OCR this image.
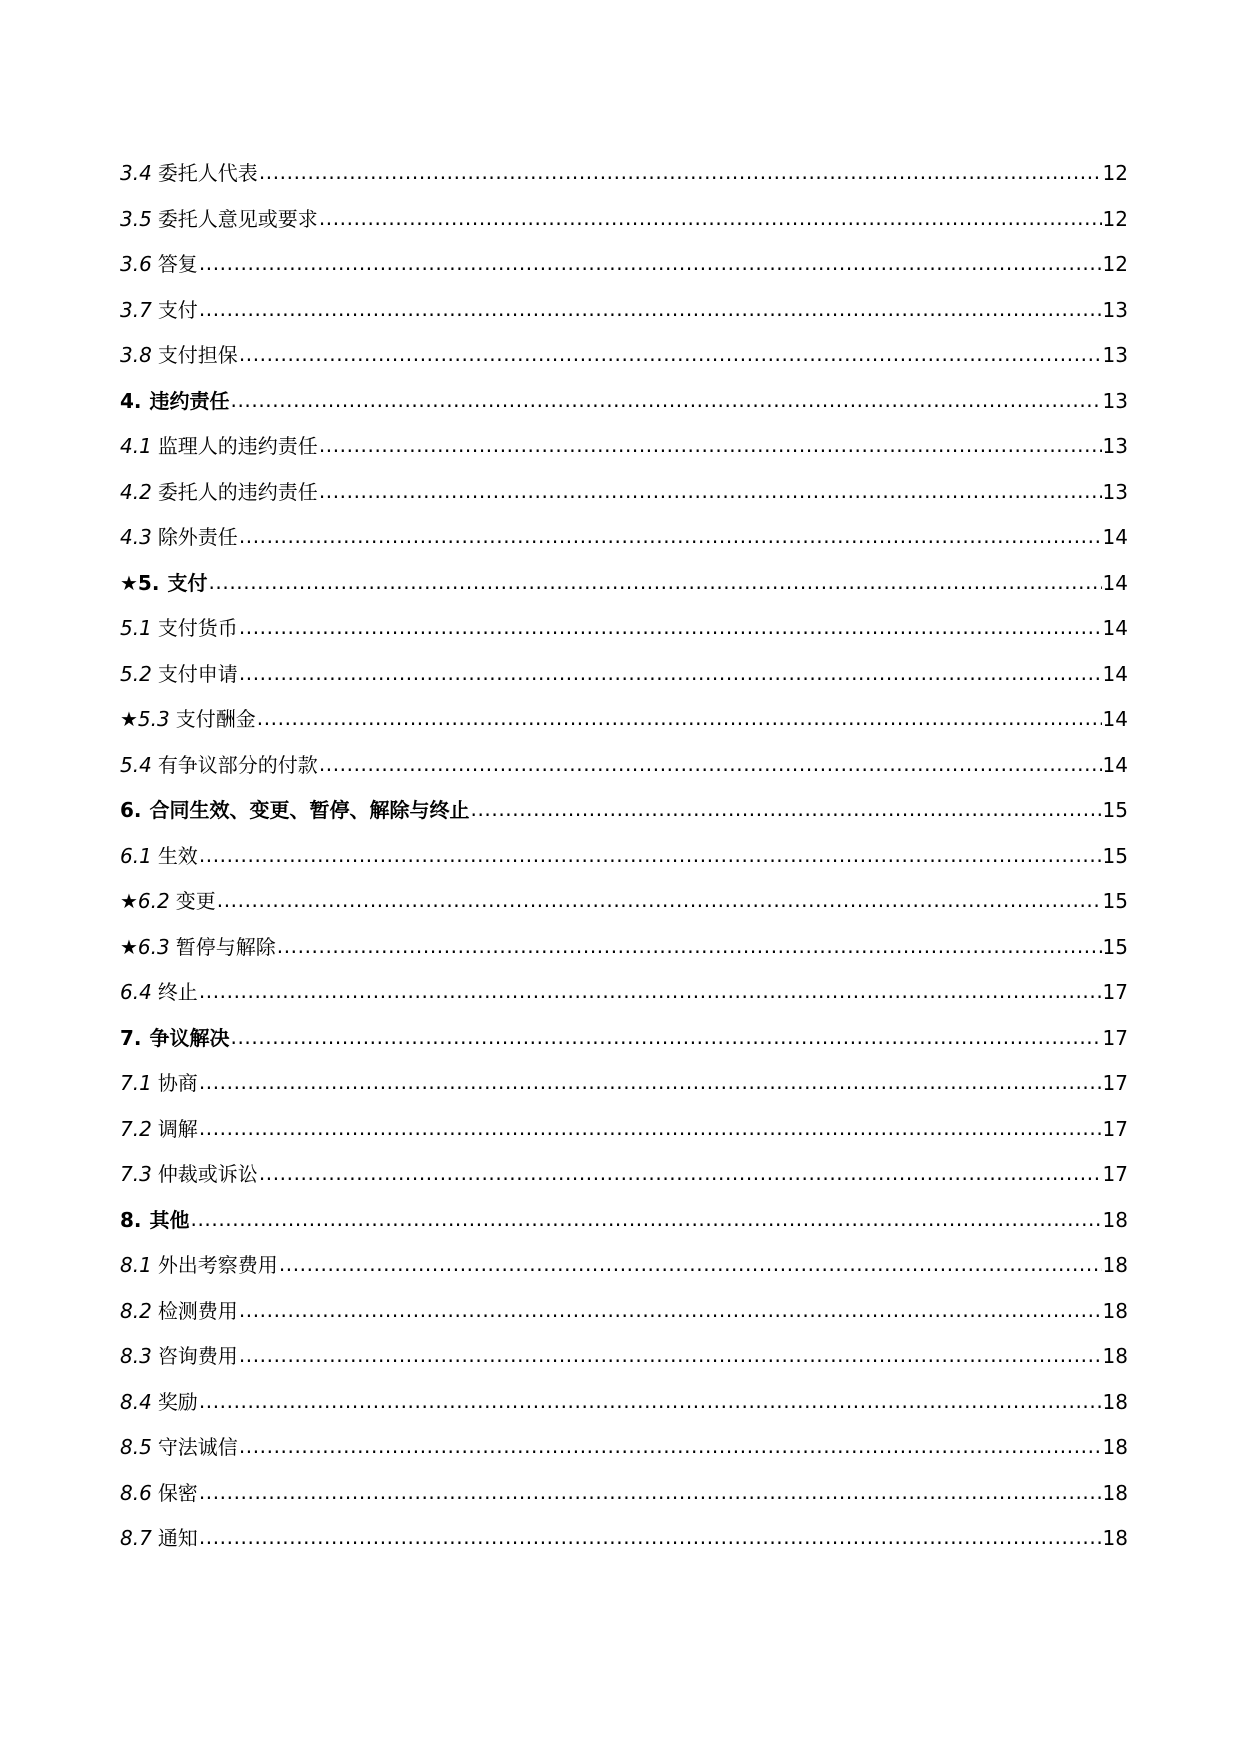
3.4 委托人代表 .....	12
3.5 委托人意见或要求 .....	12
3.6 答复 .....	12
3.7 支付 .....	13
3.8 支付担保 .....	13
4. 违约责任 .....	13
4.1 监理人的违约责任 .....	13
4.2 委托人的违约责任 .....	13
4.3 除外责任 .....	14
★5. 支付 .....	14
5.1 支付货币 .....	14
5.2 支付申请 .....	14
★5.3 支付酬金 .....	14
5.4 有争议部分的付款 .....	14
6. 合同生效、变更、暂停、解除与终止 .....	15
6.1 生效 .....	15
★6.2 变更 .....	15
★6.3 暂停与解除 .....	15
6.4 终止 .....	17
7. 争议解决 .....	17
7.1 协商 .....	17
7.2 调解 .....	17
7.3 仲裁或诉讼 .....	17
8. 其他 .....	18
8.1 外出考察费用 .....	18
8.2 检测费用 .....	18
8.3 咨询费用 .....	18
8.4 奖励 .....	18
8.5 守法诚信 .....	18
8.6 保密 .....	18
8.7 通知 .....	18
